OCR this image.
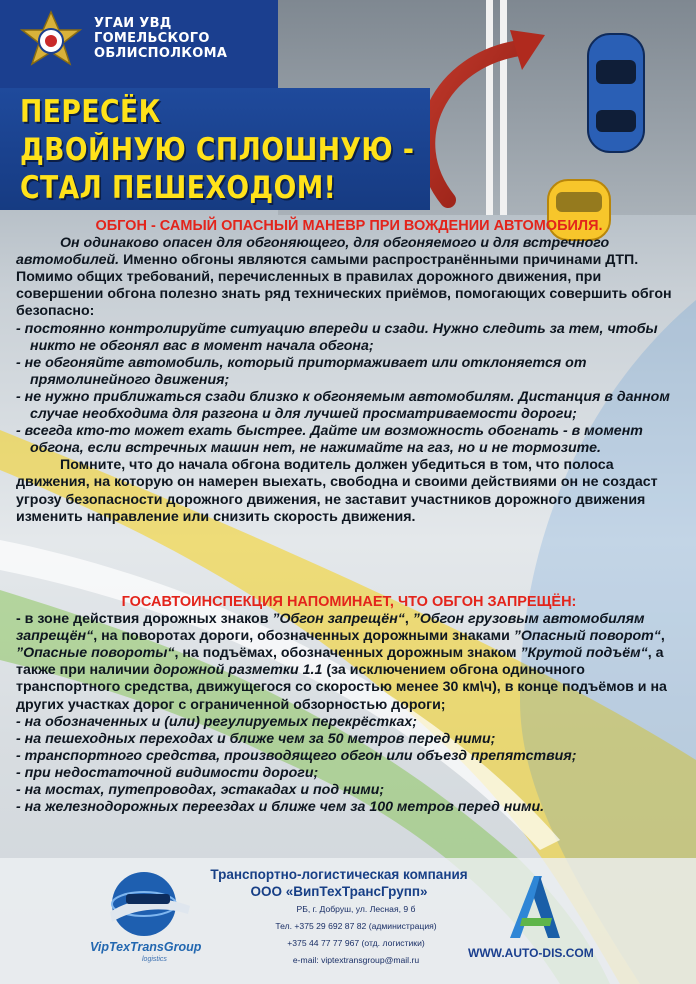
УГАИ УВД
ГОМЕЛЬСКОГО
ОБЛИСПОЛКОМА
ПЕРЕСЁК
ДВОЙНУЮ СПЛОШНУЮ -
СТАЛ ПЕШЕХОДОМ!
ОБГОН - САМЫЙ ОПАСНЫЙ МАНЕВР ПРИ ВОЖДЕНИИ АВТОМОБИЛЯ.

Он одинаково опасен для обгоняющего, для обгоняемого и для встречного автомобилей. Именно обгоны являются самыми распространёнными причинами ДТП. Помимо общих требований, перечисленных в правилах дорожного движения, при совершении обгона полезно знать ряд технических приёмов, помогающих совершить обгон безопасно:

- постоянно контролируйте ситуацию впереди и сзади. Нужно следить за тем, чтобы никто не обгонял вас в момент начала обгона;

- не обгоняйте автомобиль, который притормаживает или отклоняется от прямолинейного движения;

- не нужно приближаться сзади близко к обгоняемым автомобилям. Дистанция в данном случае необходима для разгона и для лучшей просматриваемости дороги;

- всегда кто-то может ехать быстрее. Дайте им возможность обогнать - в момент обгона, если встречных машин нет, не нажимайте на газ, но и не тормозите.

Помните, что до начала обгона водитель должен убедиться в том, что полоса движения, на которую он намерен выехать, свободна и своими действиями он не создаст угрозу безопасности дорожного движения, не заставит участников дорожного движения изменить направление или снизить скорость движения.

ГОСАВТОИНСПЕКЦИЯ НАПОМИНАЕТ, ЧТО ОБГОН ЗАПРЕЩЁН:

- в зоне действия дорожных знаков ”Обгон запрещён“, ”Обгон грузовым автомобилям запрещён“, на поворотах дороги, обозначенных дорожными знаками ”Опасный поворот“, ”Опасные повороты“, на подъёмах, обозначенных дорожным знаком ”Крутой подъём“, а также при наличии дорожной разметки 1.1 (за исключением обгона одиночного транспортного средства, движущегося со скоростью менее 30 км\ч), в конце подъёмов и на других участках дорог с ограниченной обзорностью дороги;

- на обозначенных и (или) регулируемых перекрёстках;

- на пешеходных переходах и ближе чем за 50 метров перед ними;

- транспортного средства, производящего обгон или объезд препятствия;

- при недостаточной видимости дороги;

- на мостах, путепроводах, эстакадах и под ними;

- на железнодорожных переездах и ближе чем за 100 метров перед ними.

VipTexTransGroup
logistics
Транспортно-логистическая компания
ООО «ВипТехТрансГрупп»
РБ, г. Добруш, ул. Лесная, 9 б
Тел. +375 29 692 87 82 (администрация)
+375 44 77 77 967 (отд. логистики)
e-mail: viptextransgroup@mail.ru	WWW.AUTO-DIS.COM
